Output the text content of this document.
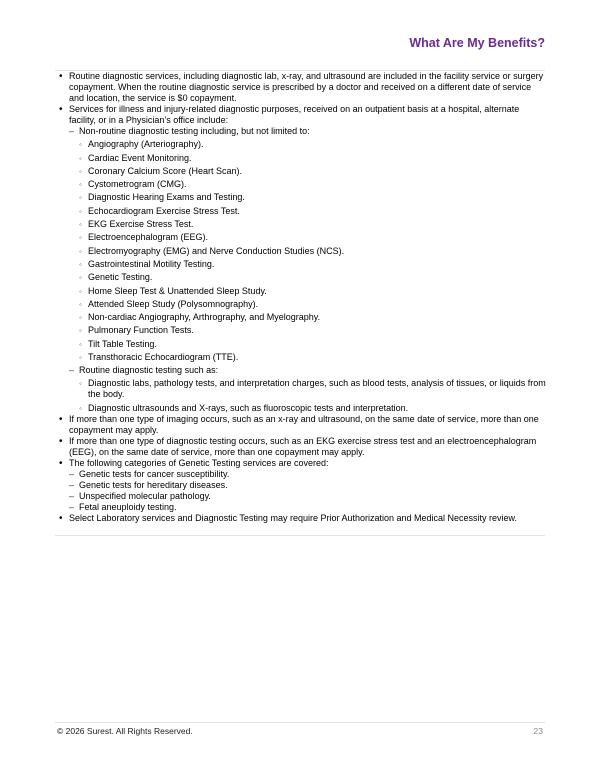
What Are My Benefits?
• Routine diagnostic services, including diagnostic lab, x-ray, and ultrasound are included in the facility service or surgery copayment. When the routine diagnostic service is prescribed by a doctor and received on a different date of service and location, the service is $0 copayment.
• Services for illness and injury-related diagnostic purposes, received on an outpatient basis at a hospital, alternate facility, or in a Physician’s office include:
– Non-routine diagnostic testing including, but not limited to:
◦ Angiography (Arteriography).
◦ Cardiac Event Monitoring.
◦ Coronary Calcium Score (Heart Scan).
◦ Cystometrogram (CMG).
◦ Diagnostic Hearing Exams and Testing.
◦ Echocardiogram Exercise Stress Test.
◦ EKG Exercise Stress Test.
◦ Electroencephalogram (EEG).
◦ Electromyography (EMG) and Nerve Conduction Studies (NCS).
◦ Gastrointestinal Motility Testing.
◦ Genetic Testing.
◦ Home Sleep Test & Unattended Sleep Study.
◦ Attended Sleep Study (Polysomnography).
◦ Non-cardiac Angiography, Arthrography, and Myelography.
◦ Pulmonary Function Tests.
◦ Tilt Table Testing.
◦ Transthoracic Echocardiogram (TTE).
– Routine diagnostic testing such as:
◦ Diagnostic labs, pathology tests, and interpretation charges, such as blood tests, analysis of tissues, or liquids from the body.
◦ Diagnostic ultrasounds and X-rays, such as fluoroscopic tests and interpretation.
• If more than one type of imaging occurs, such as an x-ray and ultrasound, on the same date of service, more than one copayment may apply.
• If more than one type of diagnostic testing occurs, such as an EKG exercise stress test and an electroencephalogram (EEG), on the same date of service, more than one copayment may apply.
• The following categories of Genetic Testing services are covered:
– Genetic tests for cancer susceptibility.
– Genetic tests for hereditary diseases.
– Unspecified molecular pathology.
– Fetal aneuploidy testing.
• Select Laboratory services and Diagnostic Testing may require Prior Authorization and Medical Necessity review.
© 2026 Surest. All Rights Reserved.	23
